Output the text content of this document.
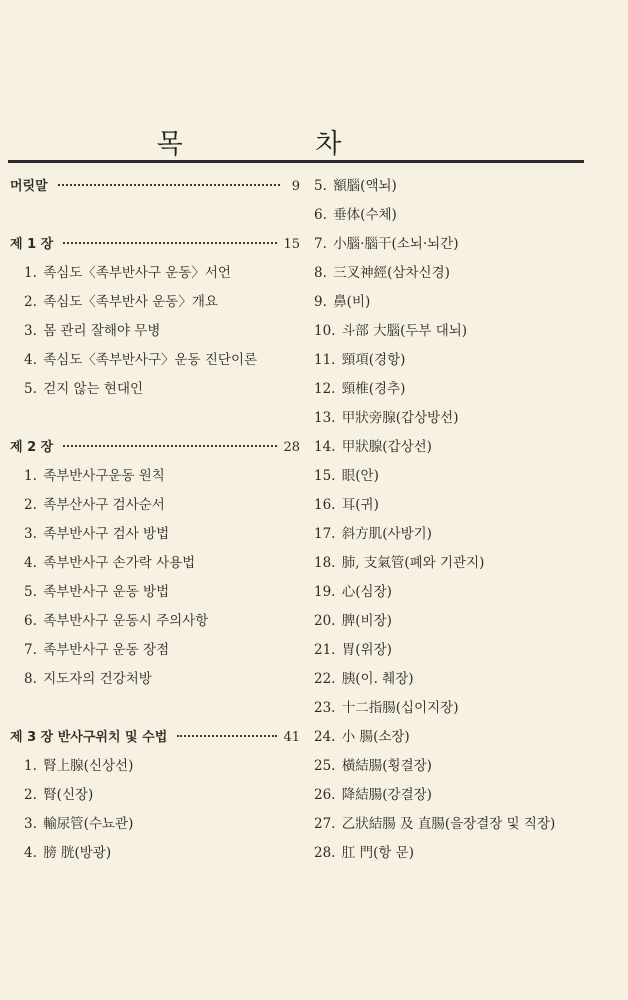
목 차
머릿말	9
제 1 장	15
1. 족심도〈족부반사구 운동〉서언
2. 족심도〈족부반사 운동〉개요
3. 몸 관리 잘해야 무병
4. 족심도〈족부반사구〉운동 진단이론
5. 걷지 않는 현대인
제 2 장	28
1. 족부반사구운동 원칙
2. 족부산사구 검사순서
3. 족부반사구 검사 방법
4. 족부반사구 손가락 사용법
5. 족부반사구 운동 방법
6. 족부반사구 운동시 주의사항
7. 족부반사구 운동 장점
8. 지도자의 건강처방
제 3 장 반사구위치 및 수법	41
1. 腎上腺(신상선)
2. 腎(신장)
3. 輸尿管(수뇨관)
4. 膀 胱(방광)
5. 額腦(액뇌)
6. 垂体(수체)
7. 小腦·腦干(소뇌·뇌간)
8. 三叉神經(삼차신경)
9. 鼻(비)
10. 斗部 大腦(두부 대뇌)
11. 頸項(경항)
12. 頸椎(경추)
13. 甲狀旁腺(갑상방선)
14. 甲狀腺(갑상선)
15. 眼(안)
16. 耳(귀)
17. 斜方肌(사방기)
18. 肺, 支氣管(폐와 기관지)
19. 心(심장)
20. 脾(비장)
21. 胃(위장)
22. 胰(이. 췌장)
23. 十二指腸(십이지장)
24. 小 腸(소장)
25. 橫結腸(횡결장)
26. 降結腸(강결장)
27. 乙狀結腸 及 直腸(을장결장 및 직장)
28. 肛 門(항 문)
